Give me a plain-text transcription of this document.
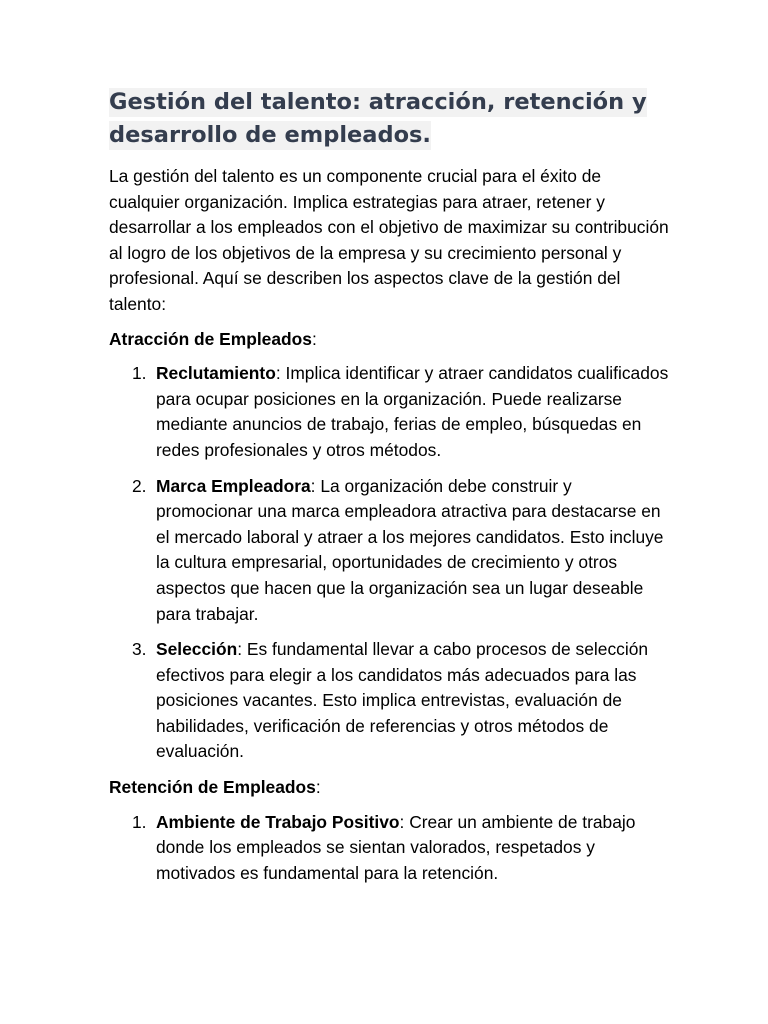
Gestión del talento: atracción, retención y desarrollo de empleados.

La gestión del talento es un componente crucial para el éxito de cualquier organización. Implica estrategias para atraer, retener y desarrollar a los empleados con el objetivo de maximizar su contribución al logro de los objetivos de la empresa y su crecimiento personal y profesional. Aquí se describen los aspectos clave de la gestión del talento:

Atracción de Empleados:
1. Reclutamiento: Implica identificar y atraer candidatos cualificados para ocupar posiciones en la organización. Puede realizarse mediante anuncios de trabajo, ferias de empleo, búsquedas en redes profesionales y otros métodos.
2. Marca Empleadora: La organización debe construir y promocionar una marca empleadora atractiva para destacarse en el mercado laboral y atraer a los mejores candidatos. Esto incluye la cultura empresarial, oportunidades de crecimiento y otros aspectos que hacen que la organización sea un lugar deseable para trabajar.
3. Selección: Es fundamental llevar a cabo procesos de selección efectivos para elegir a los candidatos más adecuados para las posiciones vacantes. Esto implica entrevistas, evaluación de habilidades, verificación de referencias y otros métodos de evaluación.
Retención de Empleados:
1. Ambiente de Trabajo Positivo: Crear un ambiente de trabajo donde los empleados se sientan valorados, respetados y motivados es fundamental para la retención.
